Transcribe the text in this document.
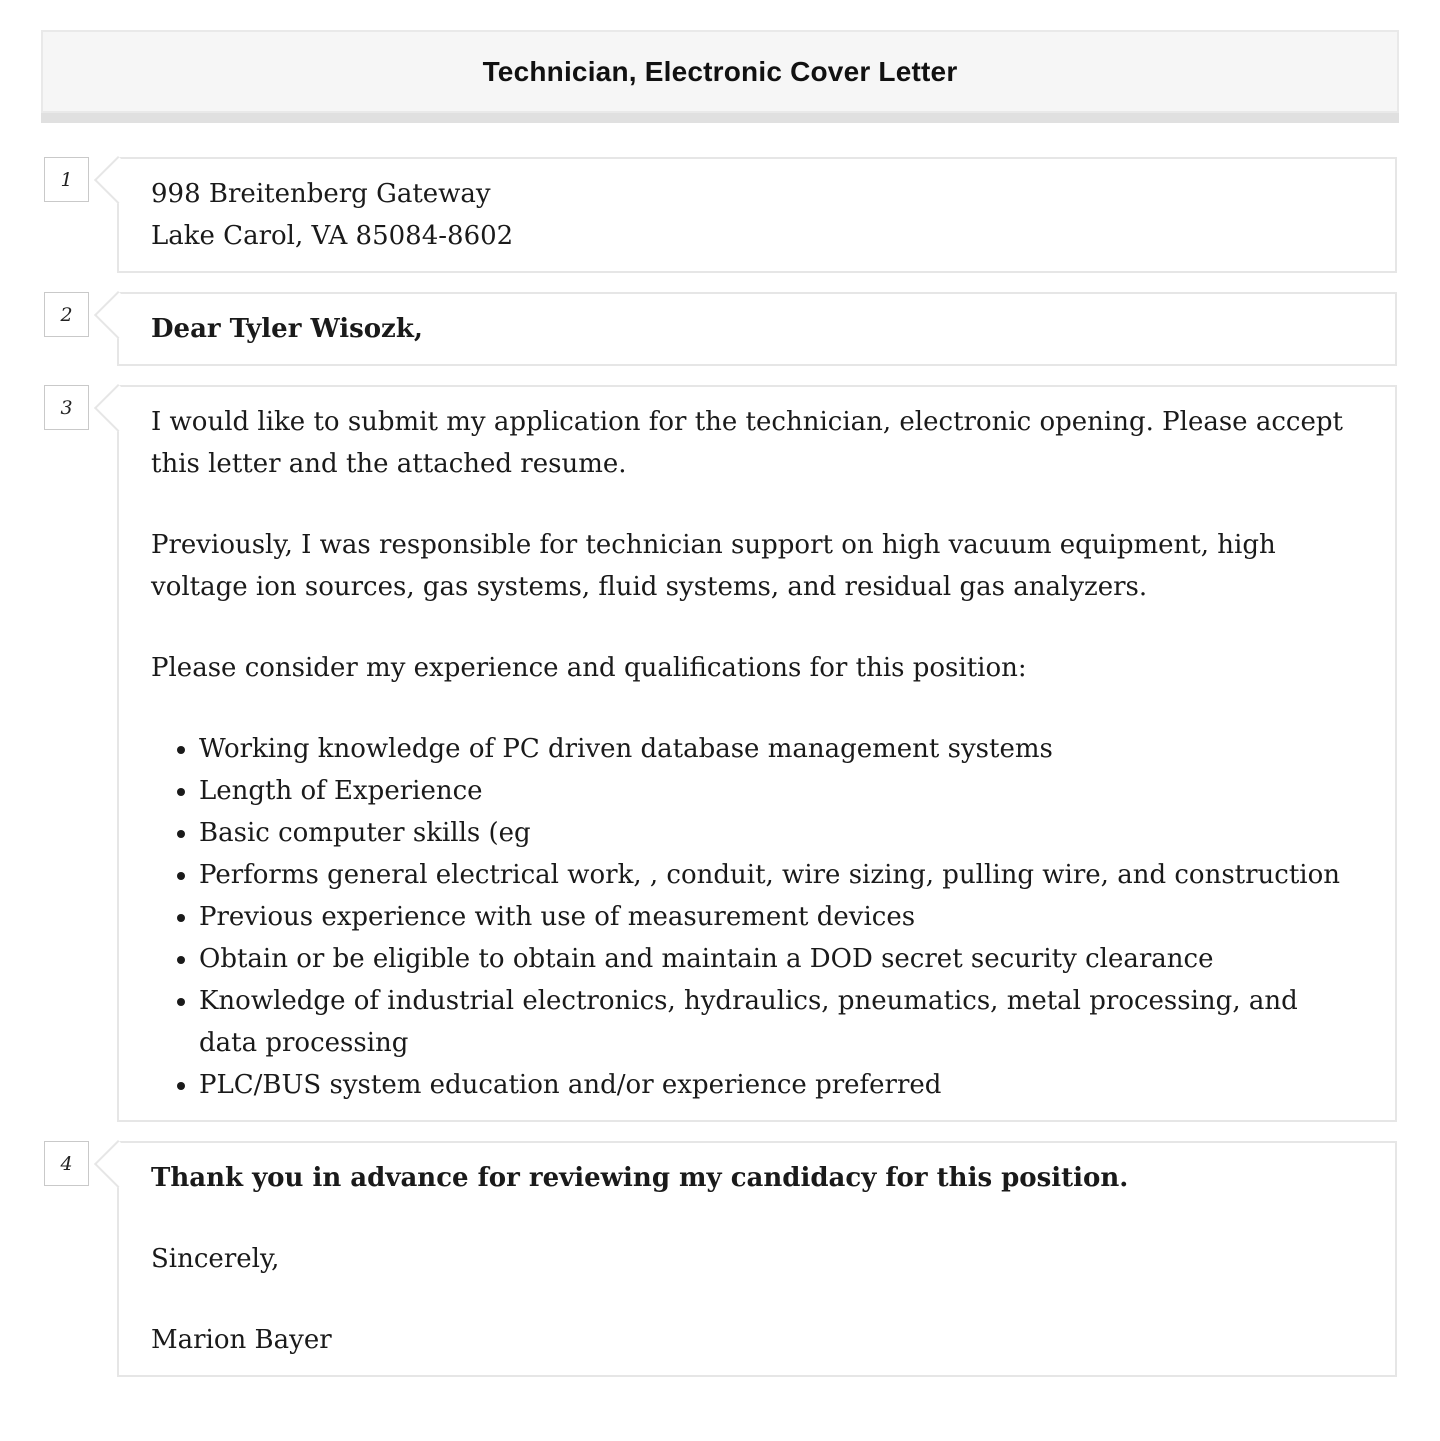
Technician, Electronic Cover Letter
1	998 Breitenberg Gateway
Lake Carol, VA 85084-8602
2	Dear Tyler Wisozk,

3	I would like to submit my application for the technician, electronic opening. Please accept this letter and the attached resume.

Previously, I was responsible for technician support on high vacuum equipment, high voltage ion sources, gas systems, fluid systems, and residual gas analyzers.

Please consider my experience and qualifications for this position:

• Working knowledge of PC driven database management systems
• Length of Experience
• Basic computer skills (eg
• Performs general electrical work, , conduit, wire sizing, pulling wire, and construction
• Previous experience with use of measurement devices
• Obtain or be eligible to obtain and maintain a DOD secret security clearance
• Knowledge of industrial electronics, hydraulics, pneumatics, metal processing, and data processing
• PLC/BUS system education and/or experience preferred
4	Thank you in advance for reviewing my candidacy for this position.

Sincerely,

Marion Bayer
